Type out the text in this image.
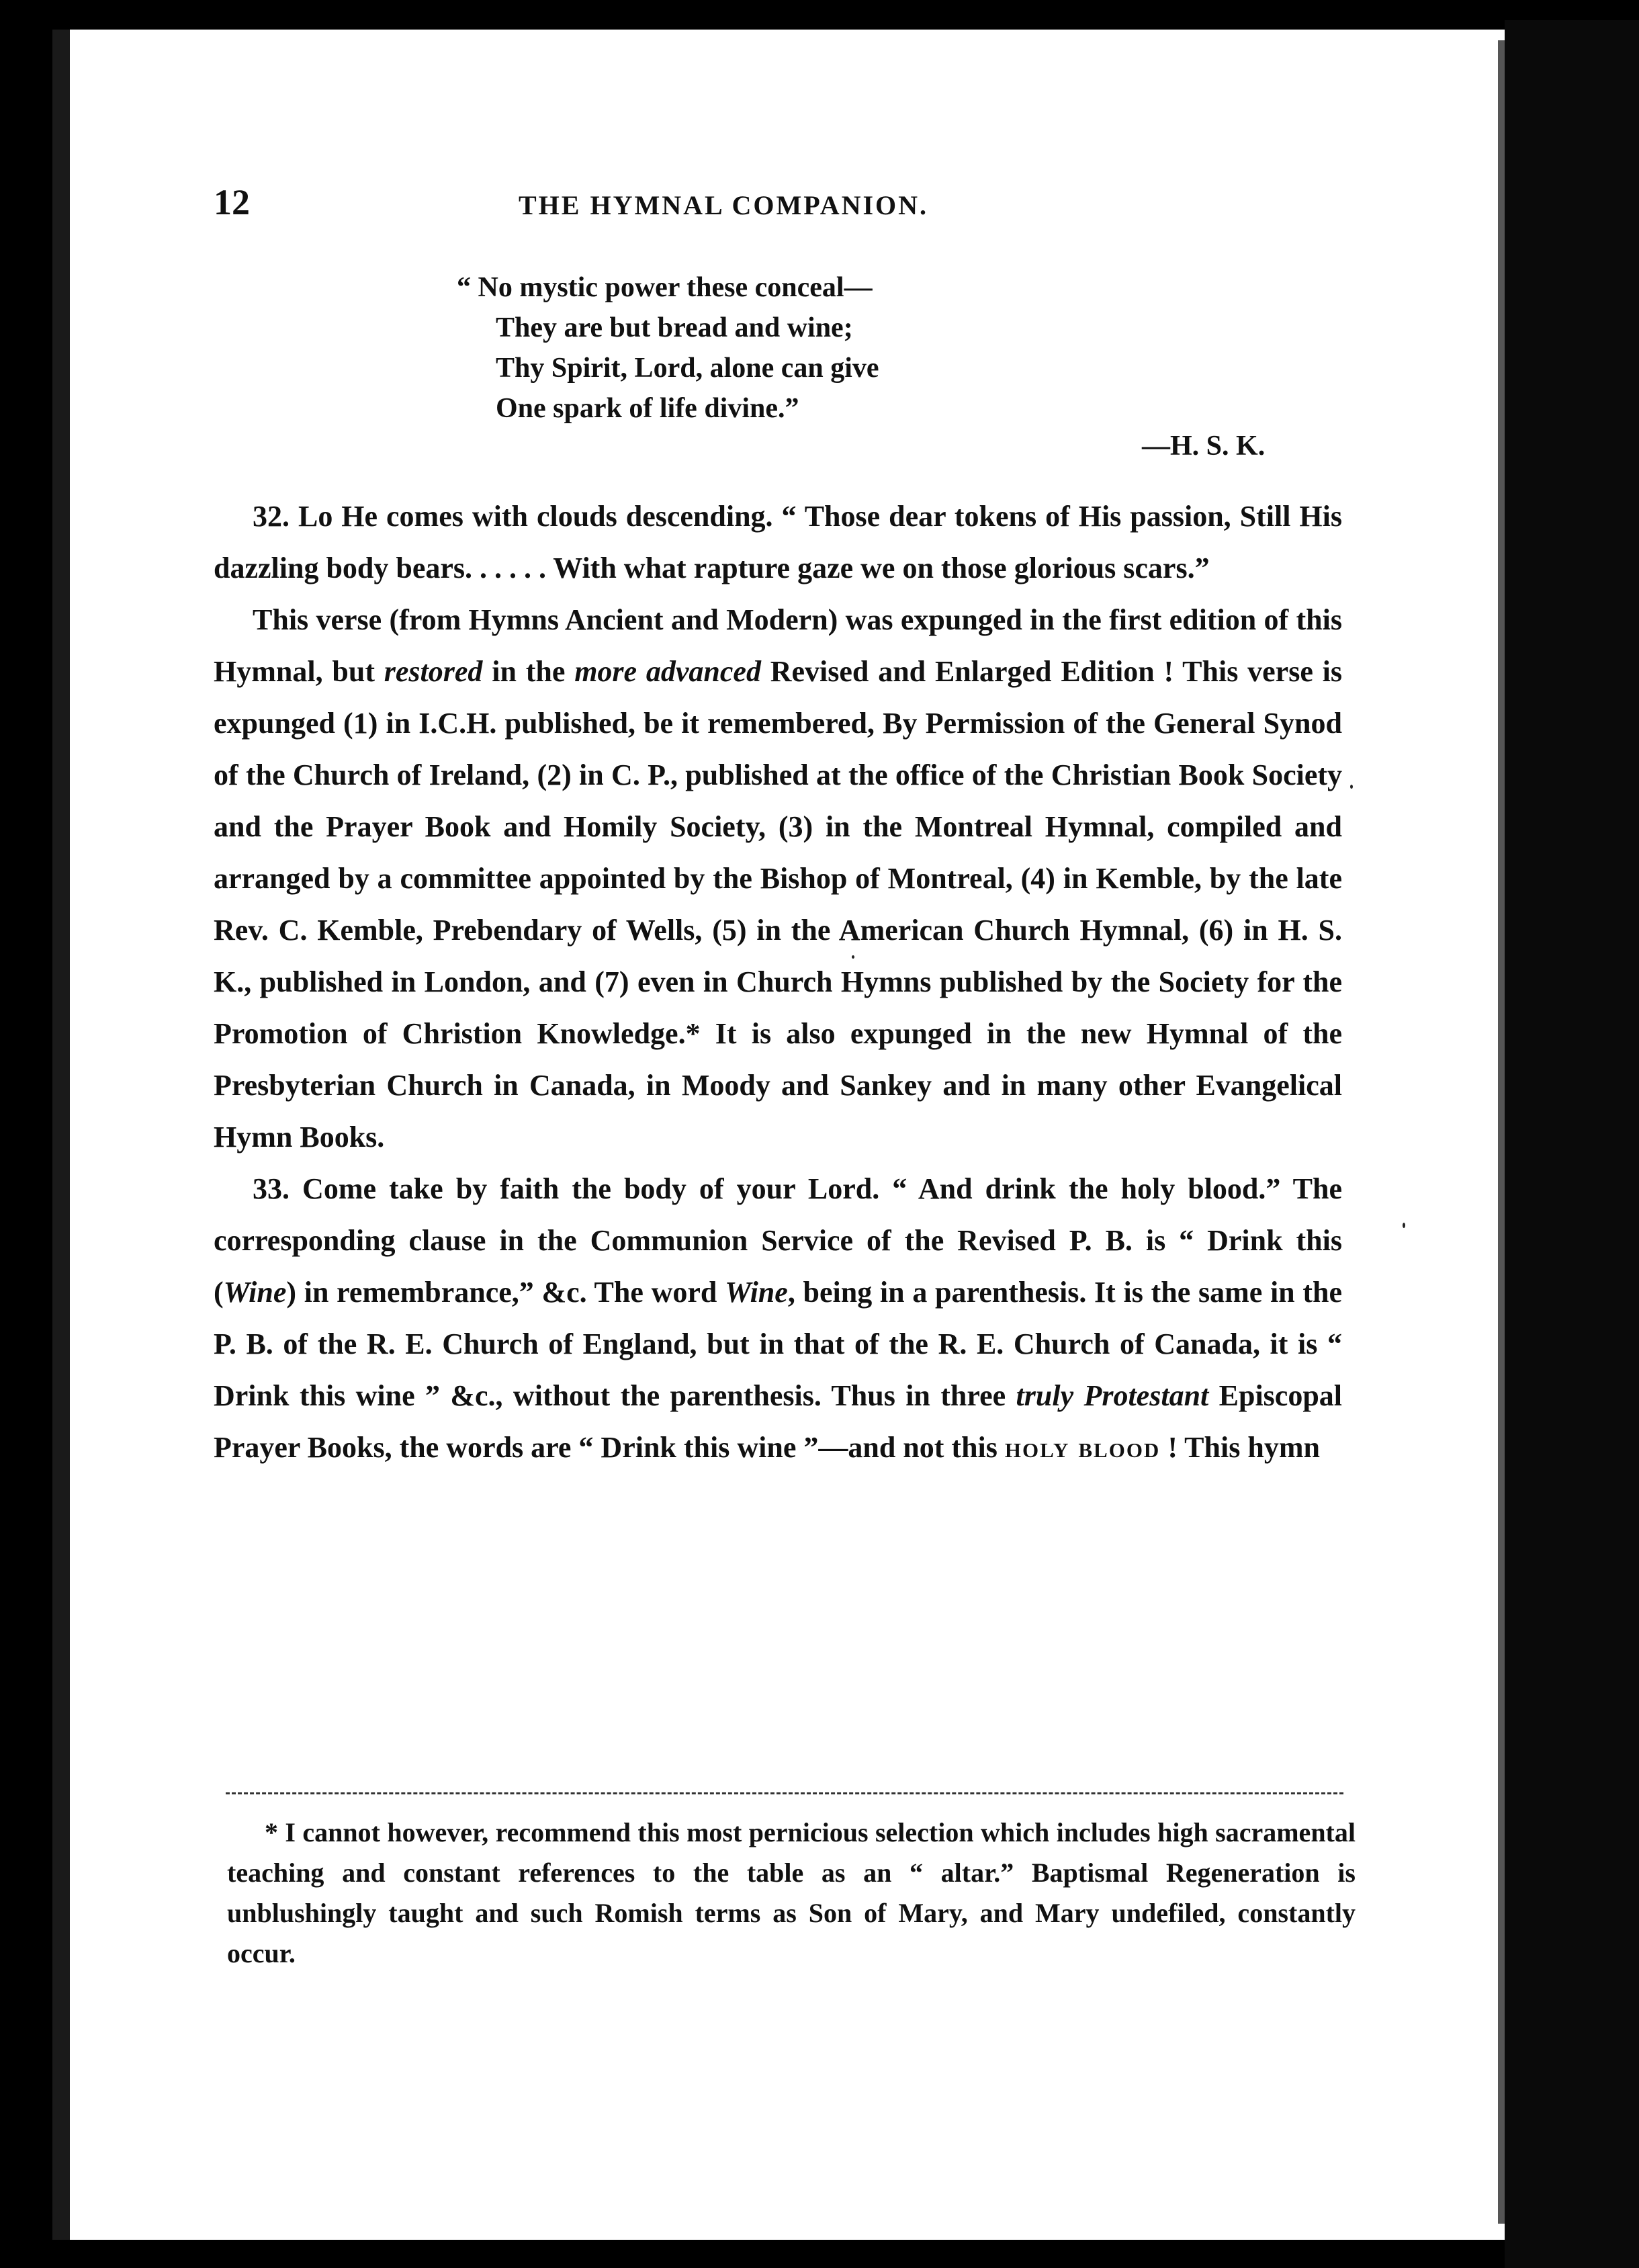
12	THE HYMNAL COMPANION.
“ No mystic power these conceal—
They are but bread and wine;
Thy Spirit, Lord, alone can give
One spark of life divine.”
—H. S. K.

32. Lo He comes with clouds descending. “ Those dear tokens of His passion, Still His dazzling body bears. . . . . . With what rapture gaze we on those glorious scars.”

This verse (from Hymns Ancient and Modern) was expunged in the first edition of this Hymnal, but restored in the more advanced Revised and Enlarged Edition ! This verse is expunged (1) in I.C.H. published, be it remembered, By Permission of the General Synod of the Church of Ireland, (2) in C. P., published at the office of the Christian Book Society and the Prayer Book and Homily Society, (3) in the Montreal Hymnal, compiled and arranged by a committee appointed by the Bishop of Montreal, (4) in Kemble, by the late Rev. C. Kemble, Prebendary of Wells, (5) in the American Church Hymnal, (6) in H. S. K., published in London, and (7) even in Church Hymns published by the Society for the Promotion of Christion Knowledge.* It is also expunged in the new Hymnal of the Presbyterian Church in Canada, in Moody and Sankey and in many other Evangelical Hymn Books.

33. Come take by faith the body of your Lord. “ And drink the holy blood.” The corresponding clause in the Communion Service of the Revised P. B. is “ Drink this (Wine) in remembrance,” &c. The word Wine, being in a parenthesis. It is the same in the P. B. of the R. E. Church of England, but in that of the R. E. Church of Canada, it is “ Drink this wine ” &c., without the parenthesis. Thus in three truly Protestant Episcopal Prayer Books, the words are “ Drink this wine ”—and not this holy blood ! This hymn

* I cannot however, recommend this most pernicious selection which includes high sacramental teaching and constant references to the table as an “ altar.” Baptismal Regeneration is unblushingly taught and such Romish terms as Son of Mary, and Mary undefiled, constantly occur.
